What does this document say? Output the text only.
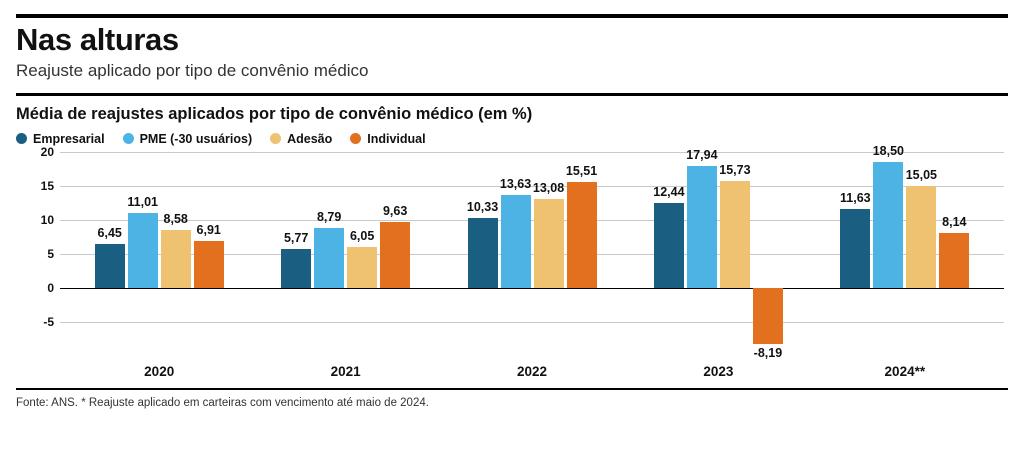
Nas alturas
Reajuste aplicado por tipo de convênio médico
Média de reajustes aplicados por tipo de convênio médico (em %)
Empresarial	PME (-30 usuários)	Adesão	Individual
20
15
10
5
0
-5
6,45
11,01
8,58
6,91
5,77
8,79
6,05
9,63	10,33
13,63 13,08
15,51
12,44
17,94
15,73
-8,19
11,63
18,50
15,05
8,14
2020	2021	2022	2023	2024**
Fonte: ANS. * Reajuste aplicado em carteiras com vencimento até maio de 2024.
